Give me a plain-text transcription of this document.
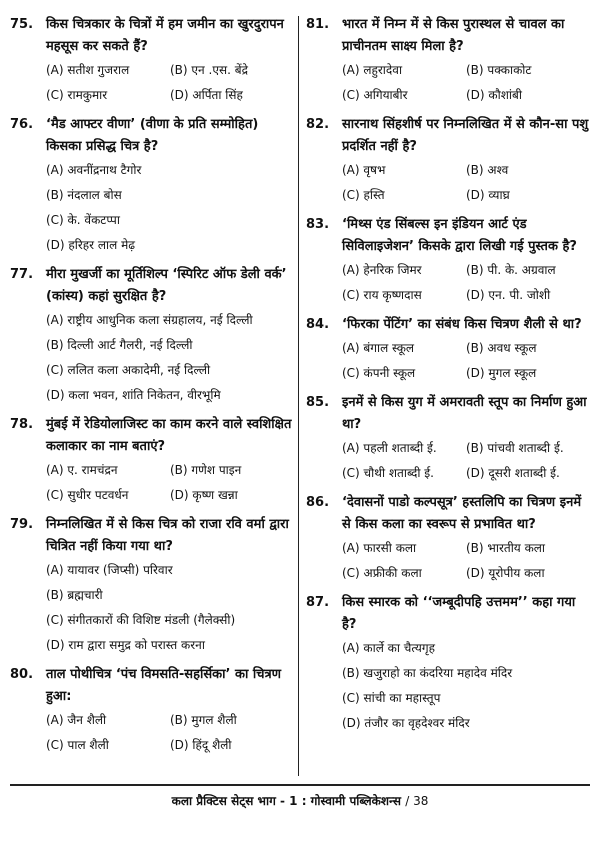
75. किस चित्रकार के चित्रों में हम जमीन का खुरदुरापन महसूस कर सकते हैं?
(A) सतीश गुजराल	(B) एन .एस. बेंद्रे
(C) रामकुमार	(D) अर्पिता सिंह
76. ‘मैड आफ्टर वीणा’ (वीणा के प्रति सम्मोहित) किसका प्रसिद्ध चित्र है?
(A) अवनींद्रनाथ टैगोर
(B) नंदलाल बोस
(C) के. वेंकटप्पा
(D) हरिहर लाल मेढ़
77. मीरा मुखर्जी का मूर्तिशिल्प ‘स्पिरिट ऑफ डेली वर्क’ (कांस्य) कहां सुरक्षित है?
(A) राष्ट्रीय आधुनिक कला संग्रहालय, नई दिल्ली
(B) दिल्ली आर्ट गैलरी, नई दिल्ली
(C) ललित कला अकादेमी, नई दिल्ली
(D) कला भवन, शांति निकेतन, वीरभूमि
78. मुंबई में रेडियोलाजिस्ट का काम करने वाले स्वशिक्षित कलाकार का नाम बताएं?
(A) ए. रामचंद्रन	(B) गणेश पाइन
(C) सुधीर पटवर्धन	(D) कृष्ण खन्ना
79. निम्नलिखित में से किस चित्र को राजा रवि वर्मा द्वारा चित्रित नहीं किया गया था?
(A) यायावर (जिप्सी) परिवार
(B) ब्रह्मचारी
(C) संगीतकारों की विशिष्ट मंडली (गैलेक्सी)
(D) राम द्वारा समुद्र को परास्त करना
80. ताल पोथीचित्र ‘पंच विमसति-सहर्सिका’ का चित्रण हुआ:
(A) जैन शैली	(B) मुगल शैली
(C) पाल शैली	(D) हिंदू शैली
81. भारत में निम्न में से किस पुरास्थल से चावल का प्राचीनतम साक्ष्य मिला है?
(A) लहुरादेवा	(B) पक्काकोट
(C) अगियाबीर	(D) कौशांबी
82. सारनाथ सिंहशीर्ष पर निम्नलिखित में से कौन-सा पशु प्रदर्शित नहीं है?
(A) वृषभ	(B) अश्व
(C) हस्ति	(D) व्याघ्र
83. ‘मिथ्स एंड सिंबल्स इन इंडियन आर्ट एंड सिविलाइजेशन’ किसके द्वारा लिखी गई पुस्तक है?
(A) हेनरिक जिमर	(B) पी. के. अग्रवाल
(C) राय कृष्णदास	(D) एन. पी. जोशी
84. ‘फिरका पेंटिंग’ का संबंध किस चित्रण शैली से था?
(A) बंगाल स्कूल	(B) अवध स्कूल
(C) कंपनी स्कूल	(D) मुगल स्कूल
85. इनमें से किस युग में अमरावती स्तूप का निर्माण हुआ था?
(A) पहली शताब्दी ई.	(B) पांचवी शताब्दी ई.
(C) चौथी शताब्दी ई.	(D) दूसरी शताब्दी ई.
86. ‘देवासनों पाडो कल्पसूत्र’ हस्तलिपि का चित्रण इनमें से किस कला का स्वरूप से प्रभावित था?
(A) फारसी कला	(B) भारतीय कला
(C) अफ्रीकी कला	(D) यूरोपीय कला
87. किस स्मारक को ‘‘जम्बूदीपहि उत्तमम’’ कहा गया है?
(A) कार्ले का चैत्यगृह
(B) खजुराहो का कंदरिया महादेव मंदिर
(C) सांची का महास्तूप
(D) तंजौर का वृहदेश्वर मंदिर
कला प्रैक्टिस सेट्स भाग - 1 : गोस्वामी पब्लिकेशन्स / 38
